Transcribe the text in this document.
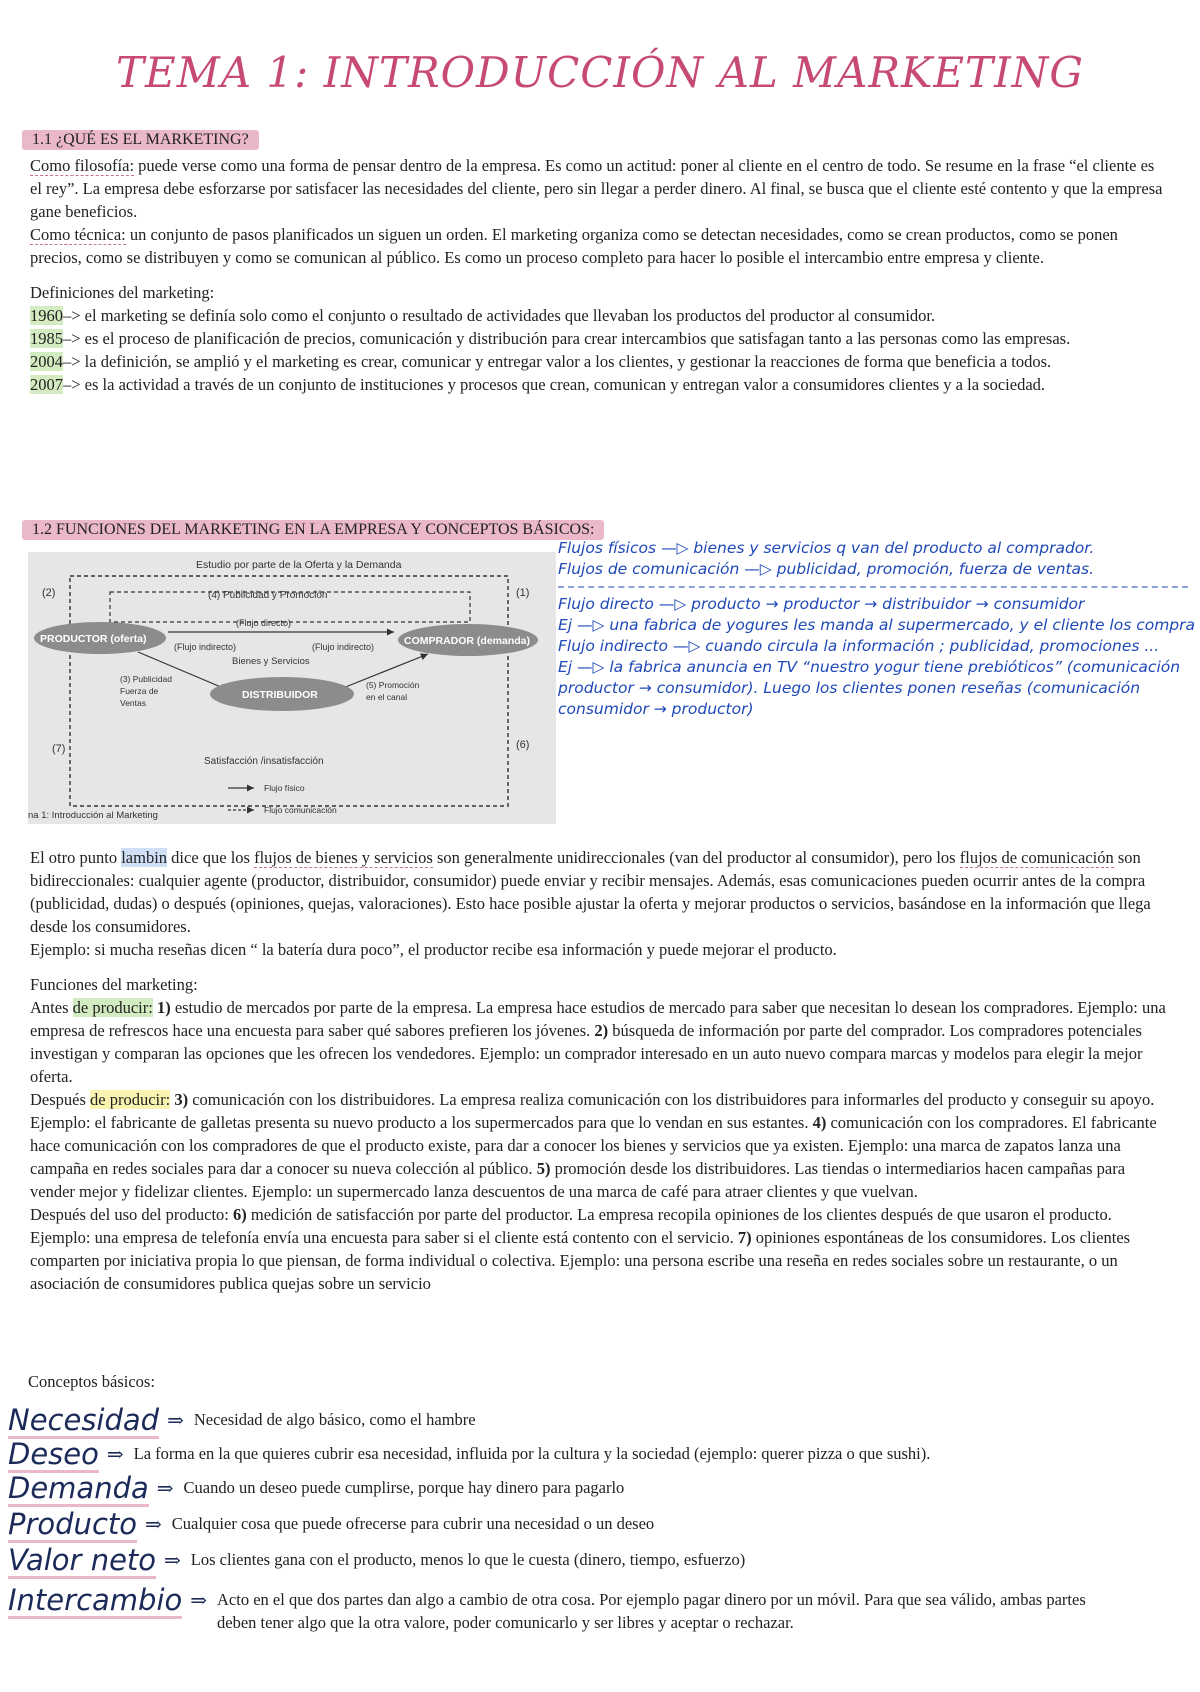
TEMA 1: INTRODUCCIÓN AL MARKETING
1.1 ¿QUÉ ES EL MARKETING?

Como filosofía: puede verse como una forma de pensar dentro de la empresa. Es como un actitud: poner al cliente en el centro de todo. Se resume en la frase “el cliente es el rey”. La empresa debe esforzarse por satisfacer las necesidades del cliente, pero sin llegar a perder dinero. Al final, se busca que el cliente esté contento y que la empresa gane beneficios.

Como técnica: un conjunto de pasos planificados un siguen un orden. El marketing organiza como se detectan necesidades, como se crean productos, como se ponen precios, como se distribuyen y como se comunican al público. Es como un proceso completo para hacer lo posible el intercambio entre empresa y cliente.

Definiciones del marketing:

1960–> el marketing se definía solo como el conjunto o resultado de actividades que llevaban los productos del productor al consumidor.

1985–> es el proceso de planificación de precios, comunicación y distribución para crear intercambios que satisfagan tanto a las personas como las empresas.

2004–> la definición, se amplió y el marketing es crear, comunicar y entregar valor a los clientes, y gestionar la reacciones de forma que beneficia a todos.

2007–> es la actividad a través de un conjunto de instituciones y procesos que crean, comunican y entregan valor a consumidores clientes y a la sociedad.

1.2 FUNCIONES DEL MARKETING EN LA EMPRESA Y CONCEPTOS BÁSICOS:
Estudio por parte de la Oferta y la Demanda
(2)	(1)
(4) Publicidad y Promoción
PRODUCTOR (oferta)	COMPRADOR (demanda)
(Flujo directo)
(Flujo indirecto)	(Flujo indirecto)
Bienes y Servicios
DISTRIBUIDOR
(3) Publicidad
Fuerza de
Ventas
(5) Promoción
en el canal
(7)	(6)
Satisfacción /insatisfacción
na 1: Introducción al Marketing
Flujo físico
Flujo comunicación

Flujos físicos —▷ bienes y servicios q van del producto al comprador.

Flujos de comunicación —▷ publicidad, promoción, fuerza de ventas.

Flujo directo —▷ producto → productor → distribuidor → consumidor

Ej —▷ una fabrica de yogures les manda al supermercado, y el cliente los compra

Flujo indirecto —▷ cuando circula la información ; publicidad, promociones ...

Ej —▷ la fabrica anuncia en TV “nuestro yogur tiene prebióticos” (comunicación productor → consumidor). Luego los clientes ponen reseñas (comunicación consumidor → productor)

El otro punto lambin dice que los flujos de bienes y servicios son generalmente unidireccionales (van del productor al consumidor), pero los flujos de comunicación son bidireccionales: cualquier agente (productor, distribuidor, consumidor) puede enviar y recibir mensajes. Además, esas comunicaciones pueden ocurrir antes de la compra (publicidad, dudas) o después (opiniones, quejas, valoraciones). Esto hace posible ajustar la oferta y mejorar productos o servicios, basándose en la información que llega desde los consumidores.

Ejemplo: si mucha reseñas dicen “ la batería dura poco”, el productor recibe esa información y puede mejorar el producto.

Funciones del marketing:

Antes de producir: 1) estudio de mercados por parte de la empresa. La empresa hace estudios de mercado para saber que necesitan lo desean los compradores. Ejemplo: una empresa de refrescos hace una encuesta para saber qué sabores prefieren los jóvenes. 2) búsqueda de información por parte del comprador. Los compradores potenciales investigan y comparan las opciones que les ofrecen los vendedores. Ejemplo: un comprador interesado en un auto nuevo compara marcas y modelos para elegir la mejor oferta.

Después de producir: 3) comunicación con los distribuidores. La empresa realiza comunicación con los distribuidores para informarles del producto y conseguir su apoyo. Ejemplo: el fabricante de galletas presenta su nuevo producto a los supermercados para que lo vendan en sus estantes. 4) comunicación con los compradores. El fabricante hace comunicación con los compradores de que el producto existe, para dar a conocer los bienes y servicios que ya existen. Ejemplo: una marca de zapatos lanza una campaña en redes sociales para dar a conocer su nueva colección al público. 5) promoción desde los distribuidores. Las tiendas o intermediarios hacen campañas para vender mejor y fidelizar clientes. Ejemplo: un supermercado lanza descuentos de una marca de café para atraer clientes y que vuelvan.

Después del uso del producto: 6) medición de satisfacción por parte del productor. La empresa recopila opiniones de los clientes después de que usaron el producto. Ejemplo: una empresa de telefonía envía una encuesta para saber si el cliente está contento con el servicio. 7) opiniones espontáneas de los consumidores. Los clientes comparten por iniciativa propia lo que piensan, de forma individual o colectiva. Ejemplo: una persona escribe una reseña en redes sociales sobre un restaurante, o un asociación de consumidores publica quejas sobre un servicio

Conceptos básicos:
Necesidad ⇒ Necesidad de algo básico, como el hambre
Deseo ⇒ La forma en la que quieres cubrir esa necesidad, influida por la cultura y la sociedad (ejemplo: querer pizza o que sushi).
Demanda ⇒ Cuando un deseo puede cumplirse, porque hay dinero para pagarlo
Producto ⇒ Cualquier cosa que puede ofrecerse para cubrir una necesidad o un deseo
Valor neto ⇒ Los clientes gana con el producto, menos lo que le cuesta (dinero, tiempo, esfuerzo)
Intercambio ⇒ Acto en el que dos partes dan algo a cambio de otra cosa. Por ejemplo pagar dinero por un móvil. Para que sea válido, ambas partes deben tener algo que la otra valore, poder comunicarlo y ser libres y aceptar o rechazar.
